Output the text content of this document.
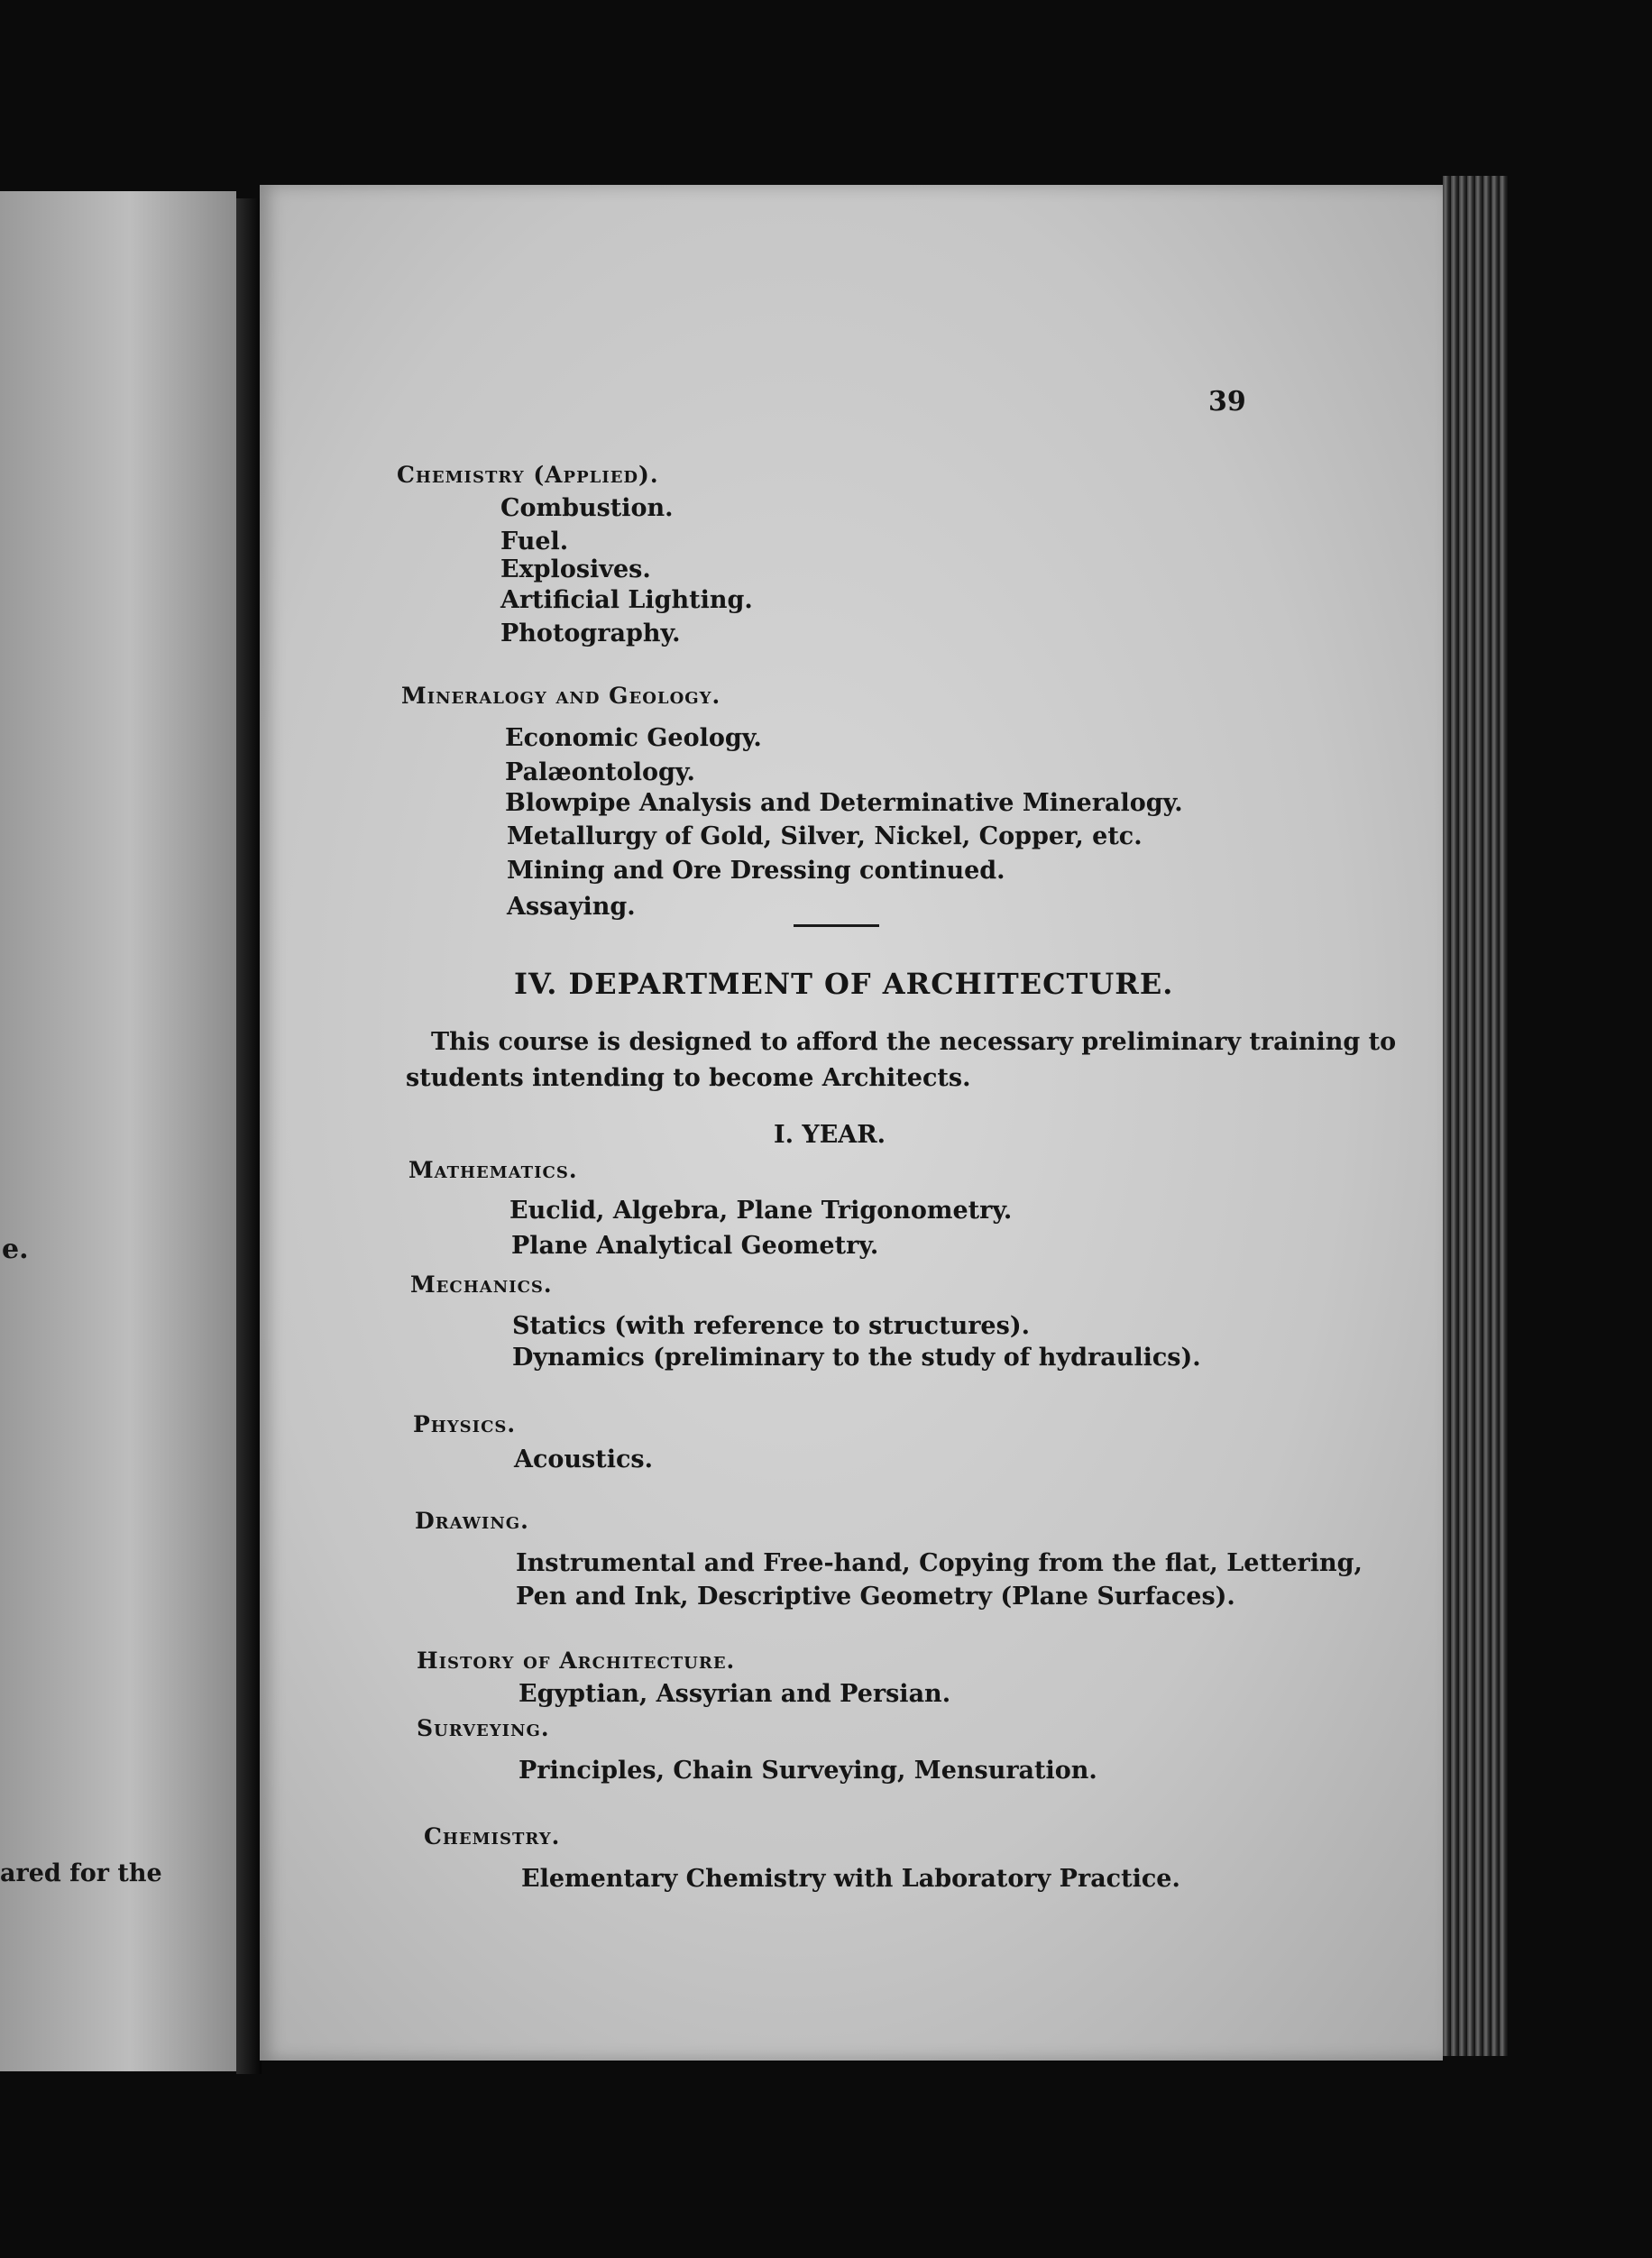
e.
ared for the
39
Chemistry (Applied).
Combustion.
Fuel.
Explosives.
Artificial Lighting.
Photography.
Mineralogy and Geology.
Economic Geology.
Palæontology.
Blowpipe Analysis and Determinative Mineralogy.
Metallurgy of Gold, Silver, Nickel, Copper, etc.
Mining and Ore Dressing continued.
Assaying.
IV. DEPARTMENT OF ARCHITECTURE.
This course is designed to afford the necessary preliminary training to
students intending to become Architects.
I. YEAR.
Mathematics.
Euclid, Algebra, Plane Trigonometry.
Plane Analytical Geometry.
Mechanics.
Statics (with reference to structures).
Dynamics (preliminary to the study of hydraulics).
Physics.
Acoustics.
Drawing.
Instrumental and Free-hand, Copying from the flat, Lettering,
Pen and Ink, Descriptive Geometry (Plane Surfaces).
History of Architecture.
Egyptian, Assyrian and Persian.
Surveying.
Principles, Chain Surveying, Mensuration.
Chemistry.
Elementary Chemistry with Laboratory Practice.
